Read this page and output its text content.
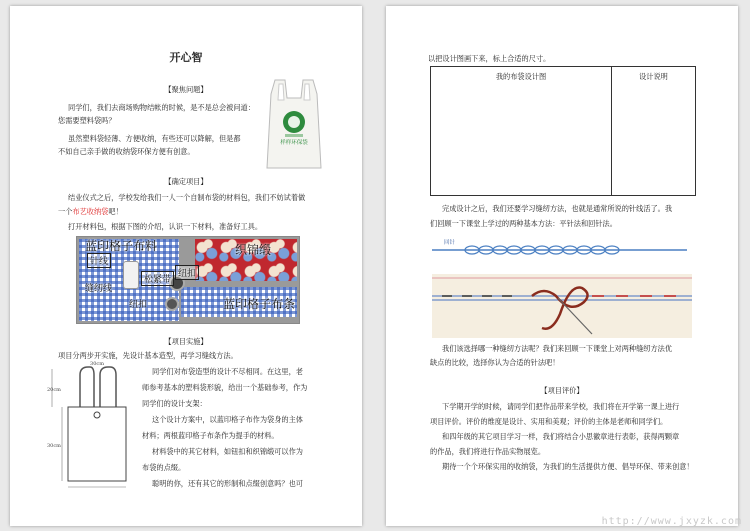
开心智
【聚焦问题】
同学们，我们去商场购物结帐的时候，是不是总会被问道：
您需要塑料袋吗？
虽然塑料袋轻薄、方便收纳，有些还可以降解，但是都
不如自己亲手做的收纳袋环保方便有创意。
样样环保袋
【确定项目】
结业仪式之后，学校发给我们一人一个自制布袋的材料包，我们不妨试着做
一个布艺收纳袋吧！
打开材料包，根据下图的介绍，认识一下材料，准备好工具。
蓝印格子布料
针线
纽扣
松紧带
缝纫线
纽扣
织锦缎
蓝印格子布条
【项目实施】
项目分两步开实施，先设计基本造型，再学习缝线方法。
同学们对布袋造型的设计不尽相同。在这里，老
师参考基本的塑料袋形貌，给出一个基础参考，作为
同学们的设计支架：
这个设计方案中，以蓝印格子布作为袋身的主体
材料；两根蓝印格子布条作为提手的材料。
材料袋中的其它材料，如钮扣和织锦缎可以作为
布袋的点缀。
聪明的你，还有其它的形制和点缀创意吗？也可
30cm
20cm
30cm
以把设计图画下来，标上合适的尺寸。
我的布袋设计图	设计说明
完成设计之后，我们还要学习缝纫方法，也就是通常所说的针线活了。我
们回顾一下课堂上学过的两种基本方法：平针法和回针法。
回针
我们该选择哪一种缝纫方法呢？我们来回顾一下课堂上对两种缝纫方法优
缺点的比较，选择你认为合适的针法吧！
【项目评价】
下学期开学的时候，请同学们把作品带来学校，我们将在开学第一课上进行
项目评价。评价的维度是设计、实用和美观；评价的主体是老师和同学们。
和四年级的其它项目学习一样，我们将结合小思徽章进行表彰，获得两颗章
的作品，我们将进行作品实物展览。
期待一个个环保实用的收纳袋，为我们的生活提供方便、倡导环保、带来创意！
http://www.jxyzk.com
